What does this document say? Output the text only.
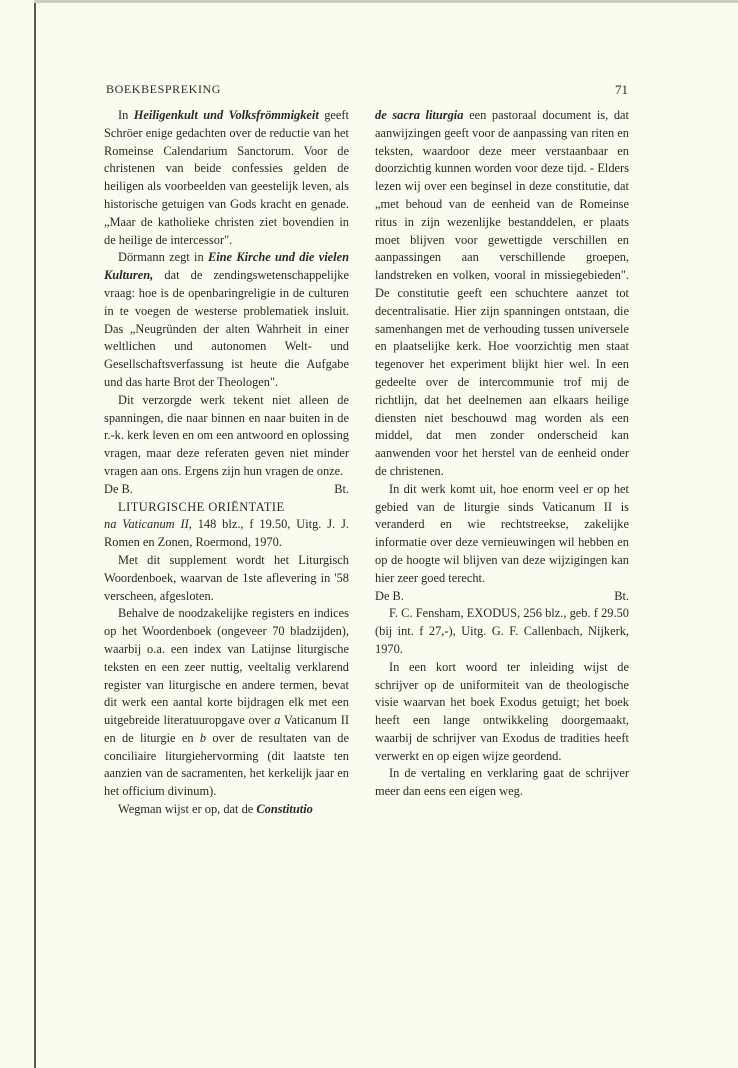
BOEKBESPREKING	71

In Heiligenkult und Volksfrömmigkeit geeft Schröer enige gedachten over de reductie van het Romeinse Calendarium Sanctorum. Voor de christenen van beide confessies gelden de heiligen als voorbeelden van geestelijk leven, als historische getuigen van Gods kracht en genade. „Maar de katholieke christen ziet bovendien in de heilige de intercessor".

Dörmann zegt in Eine Kirche und die vielen Kulturen, dat de zendingswetenschappelijke vraag: hoe is de openbaringreligie in de culturen in te voegen de westerse problematiek insluit. Das „Neugründen der alten Wahrheit in einer weltlichen und autonomen Welt- und Gesellschaftsverfassung ist heute die Aufgabe und das harte Brot der Theologen".

Dit verzorgde werk tekent niet alleen de spanningen, die naar binnen en naar buiten in de r.-k. kerk leven en om een antwoord en oplossing vragen, maar deze referaten geven niet minder vragen aan ons. Ergens zijn hun vragen de onze.

De B.	Bt.

LITURGISCHE ORIËNTATIE
na Vaticanum II, 148 blz., f 19.50, Uitg. J. J. Romen en Zonen, Roermond, 1970.

Met dit supplement wordt het Liturgisch Woordenboek, waarvan de 1ste aflevering in '58 verscheen, afgesloten.

Behalve de noodzakelijke registers en indices op het Woordenboek (ongeveer 70 bladzijden), waarbij o.a. een index van Latijnse liturgische teksten en een zeer nuttig, veeltalig verklarend register van liturgische en andere termen, bevat dit werk een aantal korte bijdragen elk met een uitgebreide literatuuropgave over a Vaticanum II en de liturgie en b over de resultaten van de conciliaire liturgiehervorming (dit laatste ten aanzien van de sacramenten, het kerkelijk jaar en het officium divinum).

Wegman wijst er op, dat de Constitutio

de sacra liturgia een pastoraal document is, dat aanwijzingen geeft voor de aanpassing van riten en teksten, waardoor deze meer verstaanbaar en doorzichtig kunnen worden voor deze tijd. - Elders lezen wij over een beginsel in deze constitutie, dat „met behoud van de eenheid van de Romeinse ritus in zijn wezenlijke bestanddelen, er plaats moet blijven voor gewettigde verschillen en aanpassingen aan verschillende groepen, landstreken en volken, vooral in missiegebieden". De constitutie geeft een schuchtere aanzet tot decentralisatie. Hier zijn spanningen ontstaan, die samenhangen met de verhouding tussen universele en plaatselijke kerk. Hoe voorzichtig men staat tegenover het experiment blijkt hier wel. In een gedeelte over de intercommunie trof mij de richtlijn, dat het deelnemen aan elkaars heilige diensten niet beschouwd mag worden als een middel, dat men zonder onderscheid kan aanwenden voor het herstel van de eenheid onder de christenen.

In dit werk komt uit, hoe enorm veel er op het gebied van de liturgie sinds Vaticanum II is veranderd en wie rechtstreekse, zakelijke informatie over deze vernieuwingen wil hebben en op de hoogte wil blijven van deze wijzigingen kan hier zeer goed terecht.

De B.	Bt.

F. C. Fensham, EXODUS, 256 blz., geb. f 29.50 (bij int. f 27,-), Uitg. G. F. Callenbach, Nijkerk, 1970.

In een kort woord ter inleiding wijst de schrijver op de uniformiteit van de theologische visie waarvan het boek Exodus getuigt; het boek heeft een lange ontwikkeling doorgemaakt, waarbij de schrijver van Exodus de tradities heeft verwerkt en op eigen wijze geordend.

In de vertaling en verklaring gaat de schrijver meer dan eens een eigen weg.
